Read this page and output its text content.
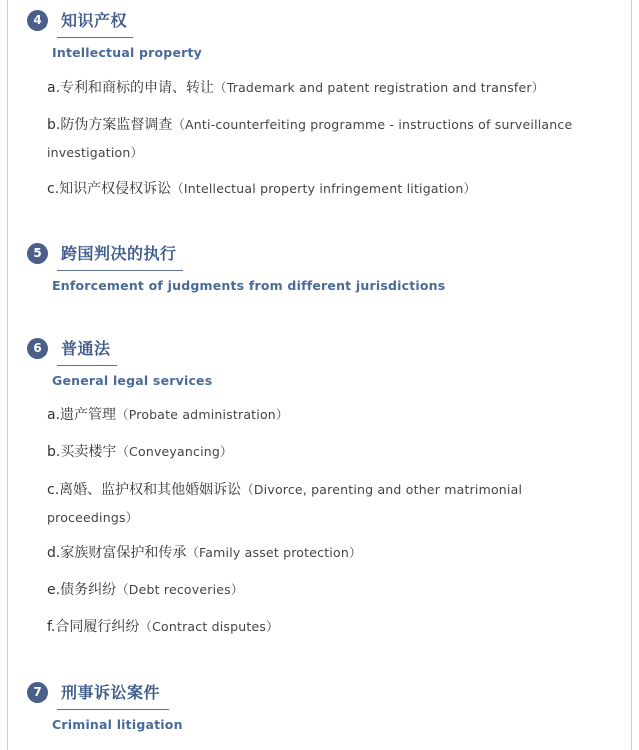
4	知识产权
Intellectual property
a.专利和商标的申请、转让（Trademark and patent registration and transfer）
b.防伪方案监督调查（Anti-counterfeiting programme - instructions of surveillance investigation）
c.知识产权侵权诉讼（Intellectual property infringement litigation）
5	跨国判决的执行
Enforcement of judgments from different jurisdictions
6	普通法
General legal services
a.遗产管理（Probate administration）
b.买卖楼宇（Conveyancing）
c.离婚、监护权和其他婚姻诉讼（Divorce, parenting and other matrimonial proceedings）
d.家族财富保护和传承（Family asset protection）
e.债务纠纷（Debt recoveries）
f.合同履行纠纷（Contract disputes）
7	刑事诉讼案件
Criminal litigation
